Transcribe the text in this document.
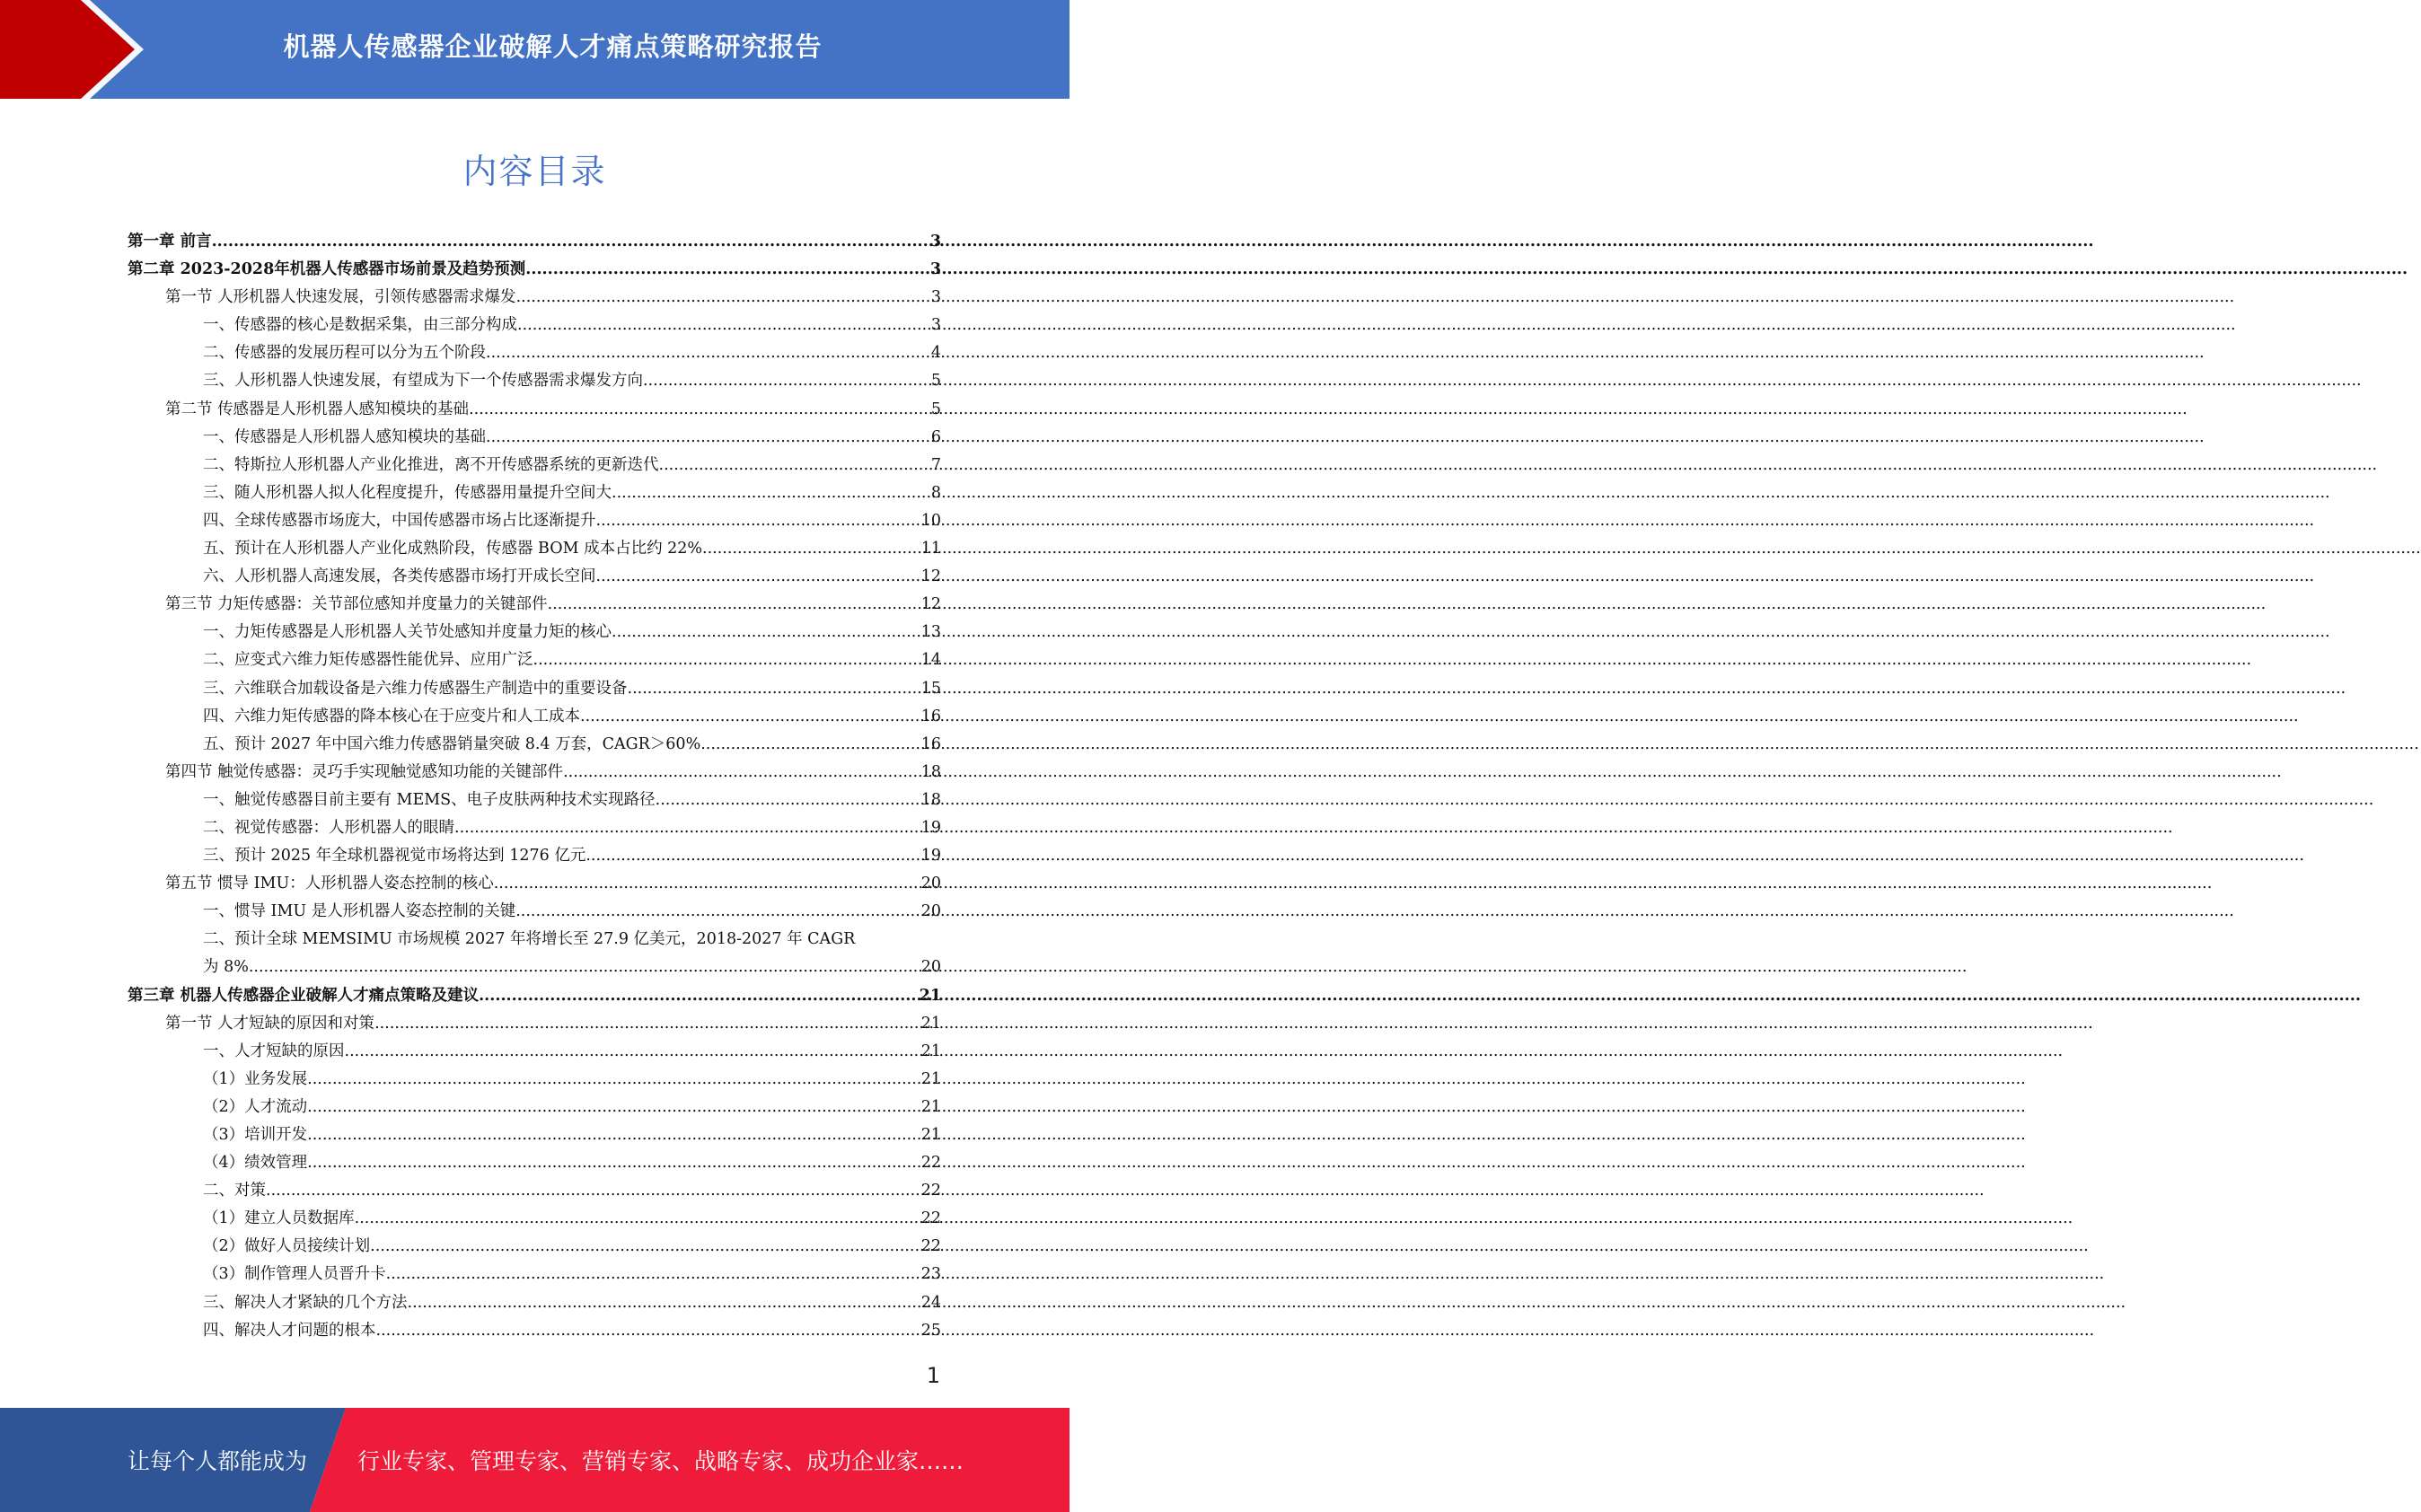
机器人传感器企业破解人才痛点策略研究报告
内容目录
第一章 前言 .....	3
第二章 2023-2028年机器人传感器市场前景及趋势预测 .....	3
第一节 人形机器人快速发展，引领传感器需求爆发 .....	3
一、传感器的核心是数据采集，由三部分构成 .....	3
二、传感器的发展历程可以分为五个阶段 .....	4
三、人形机器人快速发展，有望成为下一个传感器需求爆发方向 .....	5
第二节 传感器是人形机器人感知模块的基础 .....	5
一、传感器是人形机器人感知模块的基础 .....	6
二、特斯拉人形机器人产业化推进，离不开传感器系统的更新迭代 .....	7
三、随人形机器人拟人化程度提升，传感器用量提升空间大 .....	8
四、全球传感器市场庞大，中国传感器市场占比逐渐提升 .....	10
五、预计在人形机器人产业化成熟阶段，传感器 BOM 成本占比约 22% .....	11
六、人形机器人高速发展，各类传感器市场打开成长空间 .....	12
第三节 力矩传感器：关节部位感知并度量力的关键部件 .....	12
一、力矩传感器是人形机器人关节处感知并度量力矩的核心 .....	13
二、应变式六维力矩传感器性能优异、应用广泛 .....	14
三、六维联合加载设备是六维力传感器生产制造中的重要设备 .....	15
四、六维力矩传感器的降本核心在于应变片和人工成本 .....	16
五、预计 2027 年中国六维力传感器销量突破 8.4 万套，CAGR＞60% .....	16
第四节 触觉传感器：灵巧手实现触觉感知功能的关键部件 .....	18
一、触觉传感器目前主要有 MEMS、电子皮肤两种技术实现路径 .....	18
二、视觉传感器：人形机器人的眼睛 .....	19
三、预计 2025 年全球机器视觉市场将达到 1276 亿元 .....	19
第五节 惯导 IMU：人形机器人姿态控制的核心 .....	20
一、惯导 IMU 是人形机器人姿态控制的关键 .....	20
二、预计全球 MEMSIMU 市场规模 2027 年将增长至 27.9 亿美元，2018-2027 年 CAGR
为 8% .....	20
第三章 机器人传感器企业破解人才痛点策略及建议 .....	21
第一节 人才短缺的原因和对策 .....	21
一、人才短缺的原因 .....	21
（1）业务发展 .....	21
（2）人才流动 .....	21
（3）培训开发 .....	21
（4）绩效管理 .....	22
二、对策 .....	22
（1）建立人员数据库 .....	22
（2）做好人员接续计划 .....	22
（3）制作管理人员晋升卡 .....	23
三、解决人才紧缺的几个方法 .....	24
四、解决人才问题的根本 .....	25
1
让每个人都能成为 行业专家、管理专家、营销专家、战略专家、成功企业家……
